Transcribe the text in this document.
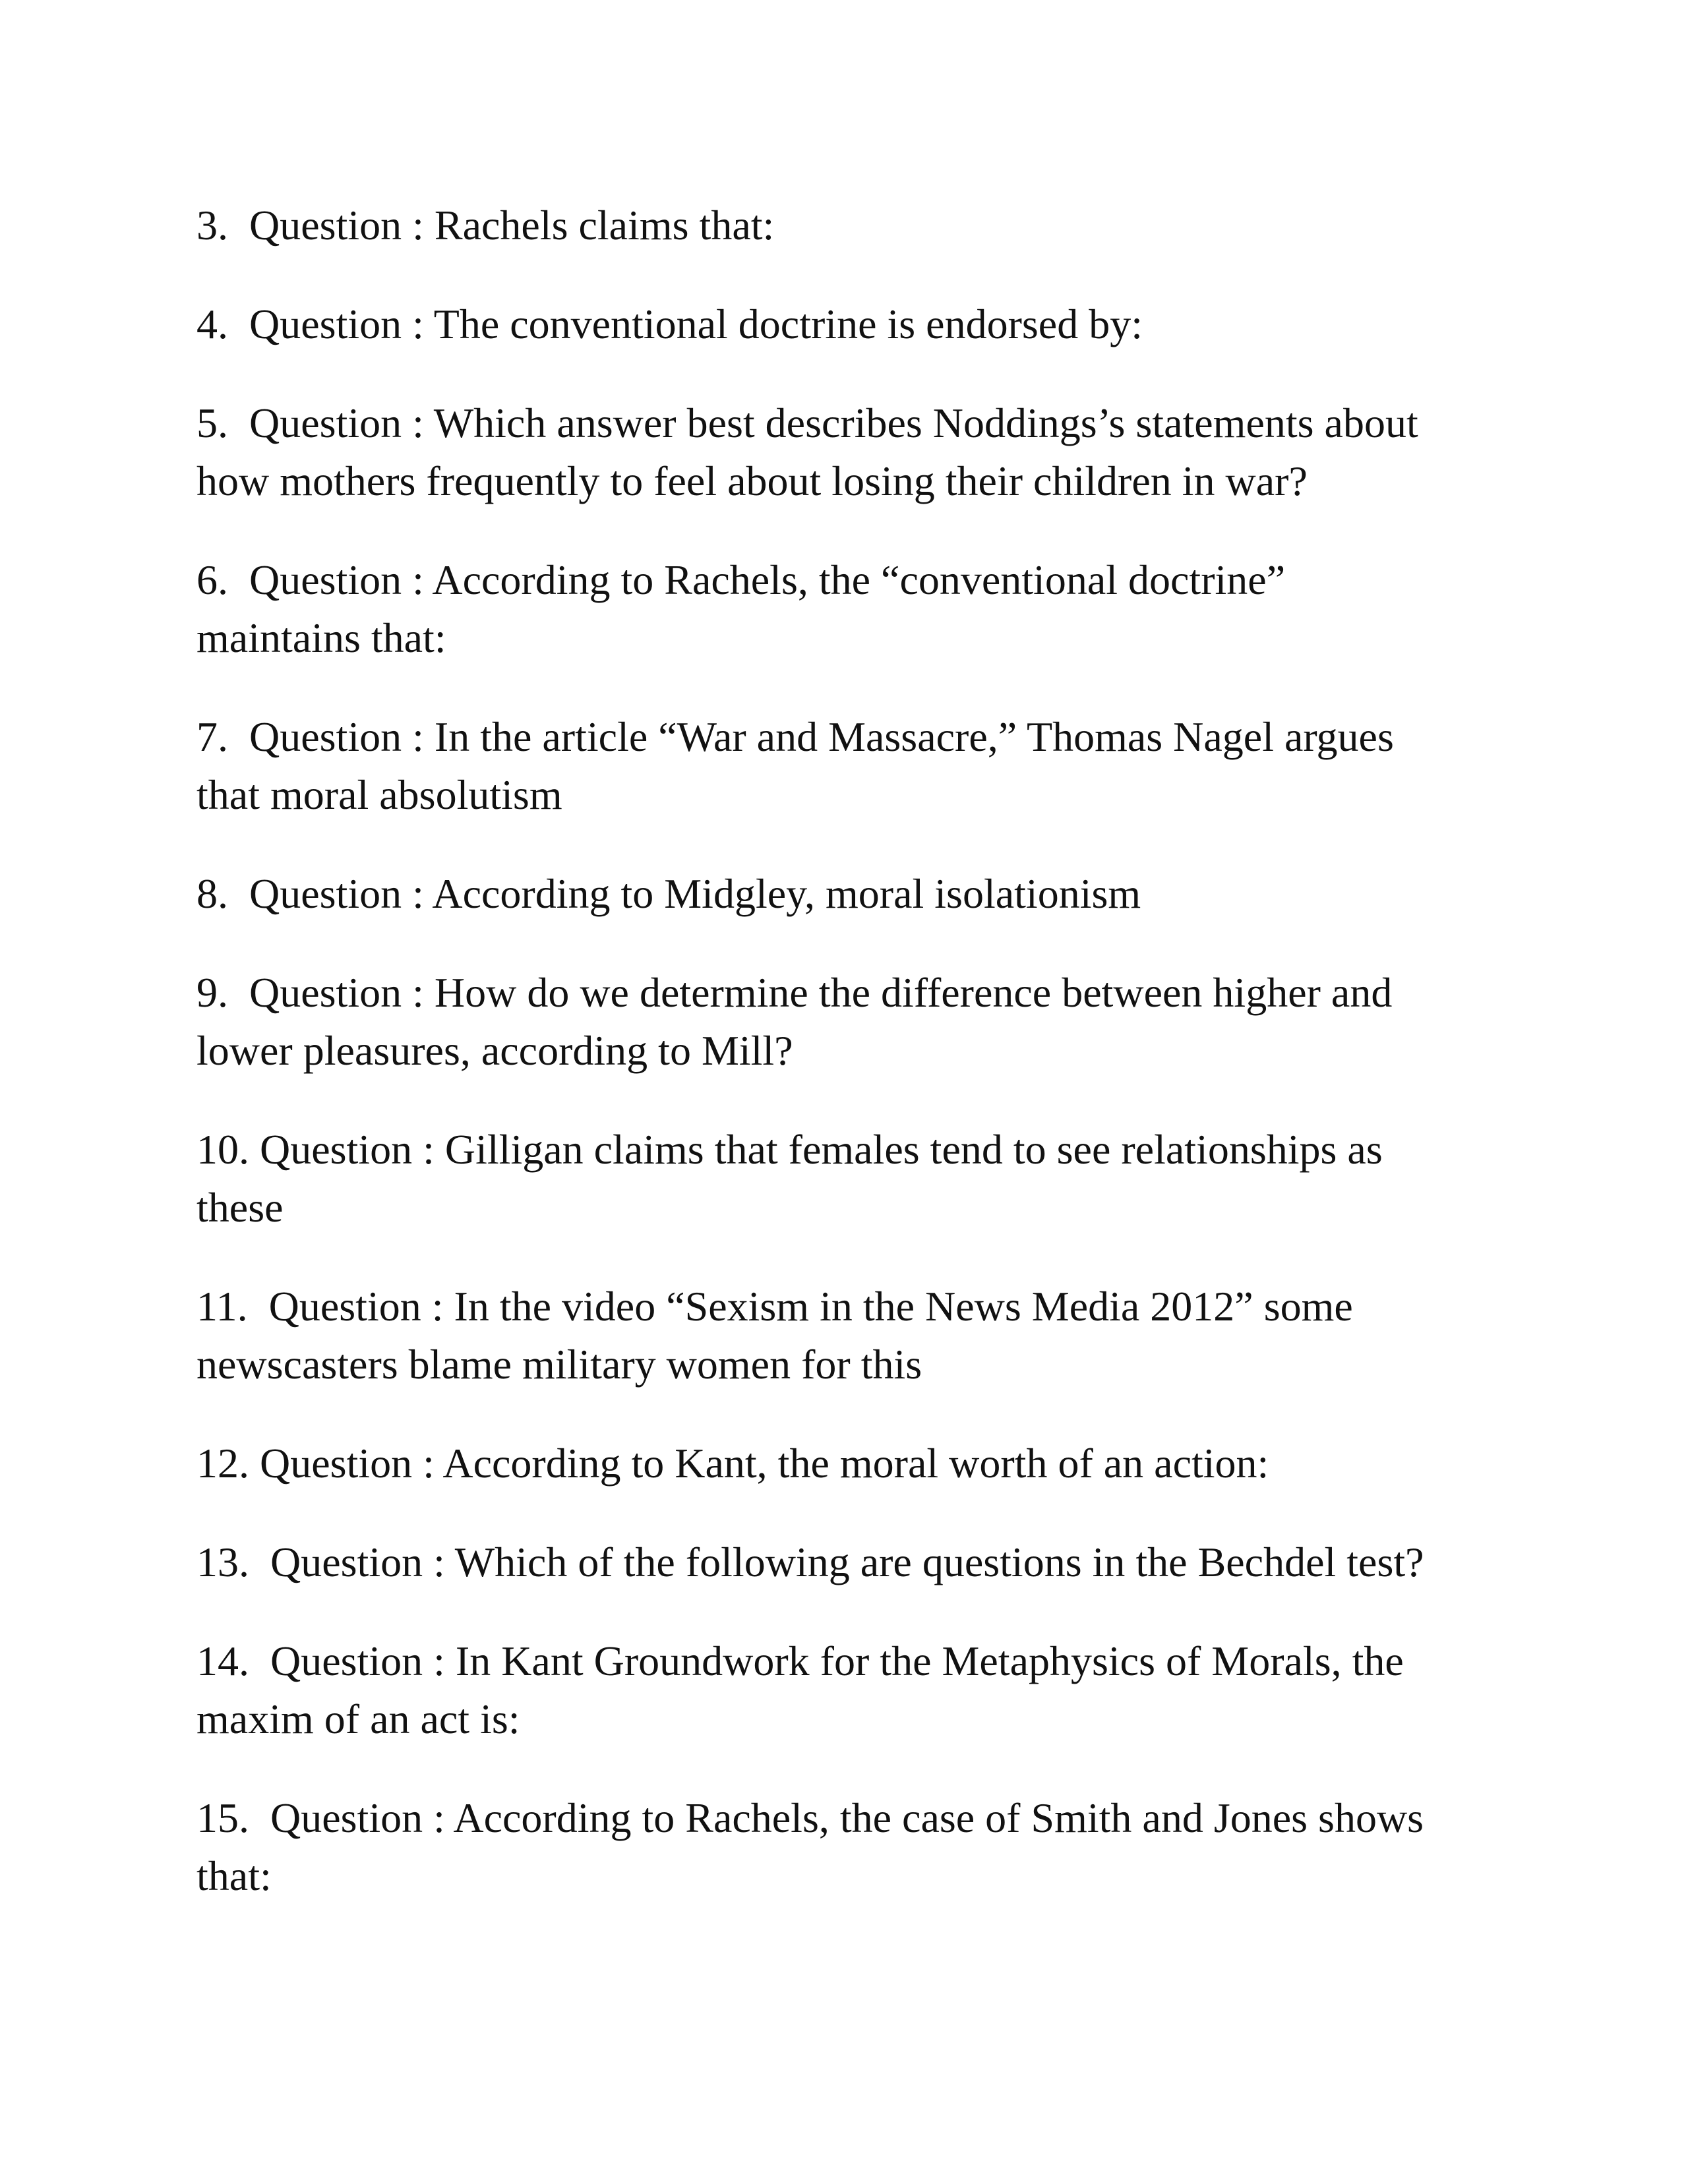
3.  Question : Rachels claims that:

4.  Question : The conventional doctrine is endorsed by:

5.  Question : Which answer best describes Noddings’s statements about
how mothers frequently to feel about losing their children in war?

6.  Question : According to Rachels, the “conventional doctrine”
maintains that:

7.  Question : In the article “War and Massacre,” Thomas Nagel argues
that moral absolutism

8.  Question : According to Midgley, moral isolationism

9.  Question : How do we determine the difference between higher and
lower pleasures, according to Mill?

10. Question : Gilligan claims that females tend to see relationships as
these

11.  Question : In the video “Sexism in the News Media 2012” some
newscasters blame military women for this

12. Question : According to Kant, the moral worth of an action:

13.  Question : Which of the following are questions in the Bechdel test?

14.  Question : In Kant Groundwork for the Metaphysics of Morals, the
maxim of an act is:

15.  Question : According to Rachels, the case of Smith and Jones shows
that:
